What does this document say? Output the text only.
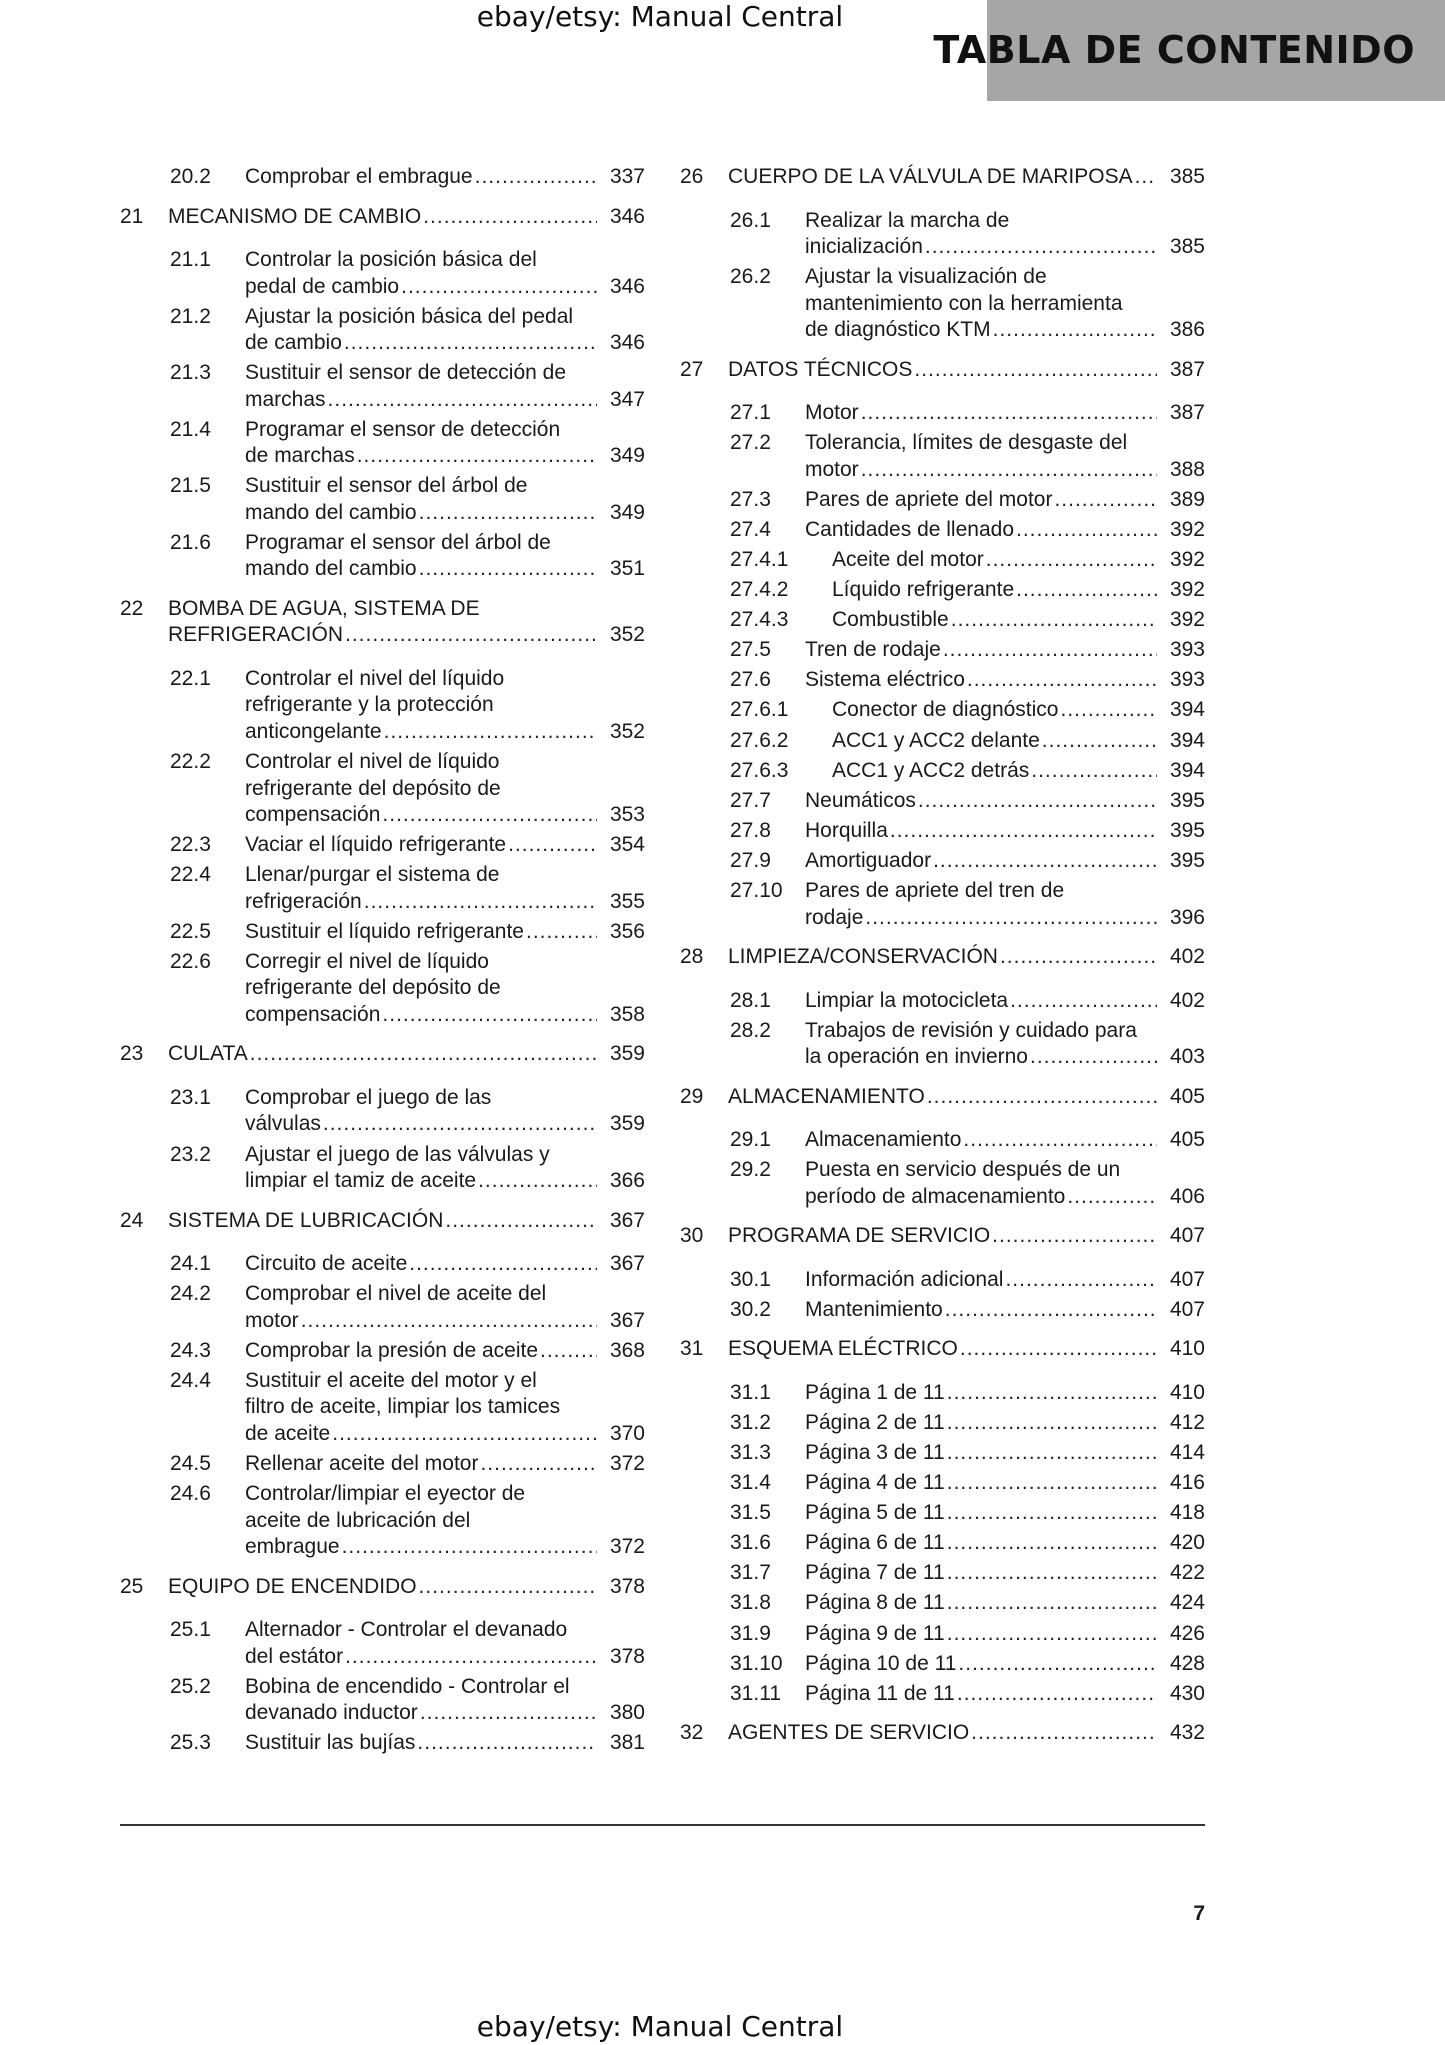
ebay/etsy: Manual Central
TABLA DE CONTENIDO
20.2 Comprobar el embrague .....	337
21 MECANISMO DE CAMBIO .....	346
21.1 Controlar la posición básica del
pedal de cambio .....	346
21.2 Ajustar la posición básica del pedal
de cambio .....	346
21.3 Sustituir el sensor de detección de
marchas .....	347
21.4 Programar el sensor de detección
de marchas .....	349
21.5 Sustituir el sensor del árbol de
mando del cambio .....	349
21.6 Programar el sensor del árbol de
mando del cambio .....	351
22 BOMBA DE AGUA, SISTEMA DE
REFRIGERACIÓN .....	352
22.1 Controlar el nivel del líquido
refrigerante y la protección
anticongelante .....	352
22.2 Controlar el nivel de líquido
refrigerante del depósito de
compensación .....	353
22.3 Vaciar el líquido refrigerante .....	354
22.4 Llenar/purgar el sistema de
refrigeración .....	355
22.5 Sustituir el líquido refrigerante .....	356
22.6 Corregir el nivel de líquido
refrigerante del depósito de
compensación .....	358
23 CULATA .....	359
23.1 Comprobar el juego de las
válvulas .....	359
23.2 Ajustar el juego de las válvulas y
limpiar el tamiz de aceite .....	366
24 SISTEMA DE LUBRICACIÓN .....	367
24.1 Circuito de aceite .....	367
24.2 Comprobar el nivel de aceite del
motor .....	367
24.3 Comprobar la presión de aceite .....	368
24.4 Sustituir el aceite del motor y el
filtro de aceite, limpiar los tamices
de aceite .....	370
24.5 Rellenar aceite del motor .....	372
24.6 Controlar/limpiar el eyector de
aceite de lubricación del
embrague .....	372
25 EQUIPO DE ENCENDIDO .....	378
25.1 Alternador - Controlar el devanado
del estátor .....	378
25.2 Bobina de encendido - Controlar el
devanado inductor .....	380
25.3 Sustituir las bujías .....	381
26 CUERPO DE LA VÁLVULA DE MARIPOSA ..... 385
26.1 Realizar la marcha de
inicialización .....	385
26.2 Ajustar la visualización de
mantenimiento con la herramienta
de diagnóstico KTM .....	386
27 DATOS TÉCNICOS .....	387
27.1 Motor .....	387
27.2 Tolerancia, límites de desgaste del
motor .....	388
27.3 Pares de apriete del motor .....	389
27.4 Cantidades de llenado .....	392
27.4.1 Aceite del motor .....	392
27.4.2 Líquido refrigerante .....	392
27.4.3 Combustible .....	392
27.5 Tren de rodaje .....	393
27.6 Sistema eléctrico .....	393
27.6.1 Conector de diagnóstico .....	394
27.6.2 ACC1 y ACC2 delante .....	394
27.6.3 ACC1 y ACC2 detrás .....	394
27.7 Neumáticos .....	395
27.8 Horquilla .....	395
27.9 Amortiguador .....	395
27.10 Pares de apriete del tren de
rodaje .....	396
28 LIMPIEZA/CONSERVACIÓN .....	402
28.1 Limpiar la motocicleta .....	402
28.2 Trabajos de revisión y cuidado para
la operación en invierno .....	403
29 ALMACENAMIENTO .....	405
29.1 Almacenamiento .....	405
29.2 Puesta en servicio después de un
período de almacenamiento .....	406
30 PROGRAMA DE SERVICIO .....	407
30.1 Información adicional .....	407
30.2 Mantenimiento .....	407
31 ESQUEMA ELÉCTRICO .....	410
31.1 Página 1 de 11 .....	410
31.2 Página 2 de 11 .....	412
31.3 Página 3 de 11 .....	414
31.4 Página 4 de 11 .....	416
31.5 Página 5 de 11 .....	418
31.6 Página 6 de 11 .....	420
31.7 Página 7 de 11 .....	422
31.8 Página 8 de 11 .....	424
31.9 Página 9 de 11 .....	426
31.10 Página 10 de 11 .....	428
31.11 Página 11 de 11 .....	430
32 AGENTES DE SERVICIO .....	432
7
ebay/etsy: Manual Central
